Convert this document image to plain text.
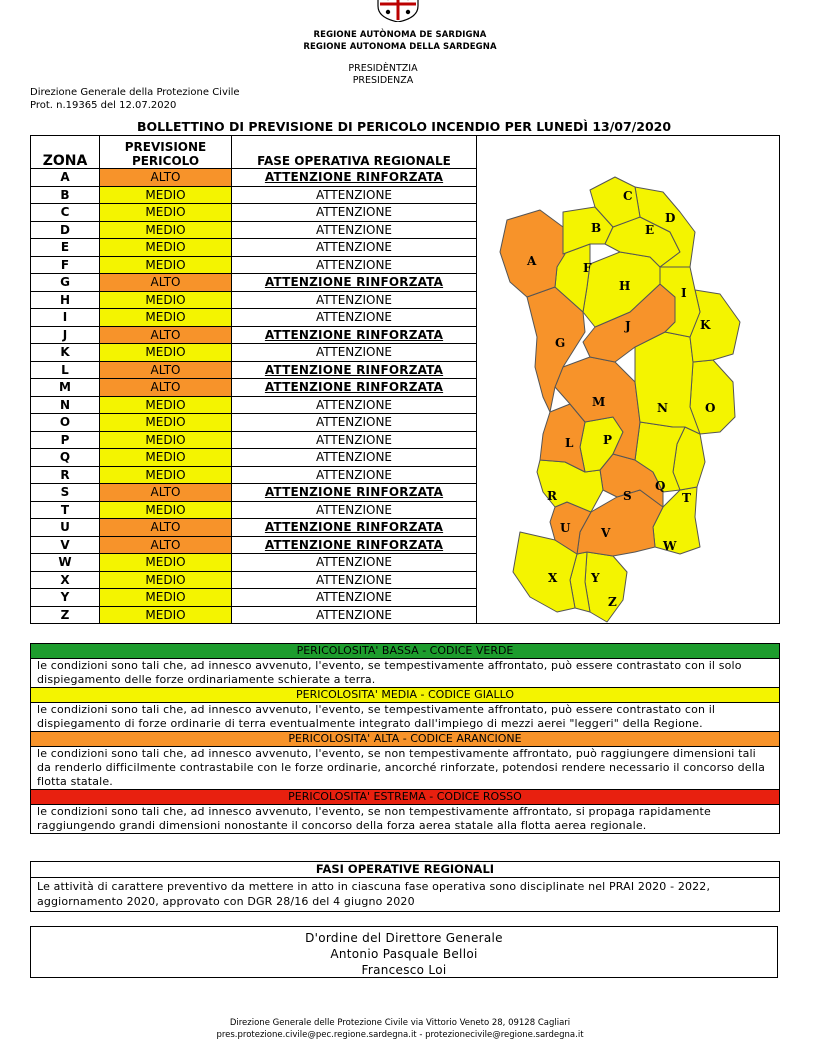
REGIONE AUTÒNOMA DE SARDIGNA
REGIONE AUTONOMA DELLA SARDEGNA
PRESIDÈNTZIA
PRESIDENZA
Direzione Generale della Protezione Civile
Prot. n.19365 del 12.07.2020
BOLLETTINO DI PREVISIONE DI PERICOLO INCENDIO PER LUNEDÌ 13/07/2020
ZONA	PREVISIONE PERICOLO	FASE OPERATIVA REGIONALE	
A	ALTO	ATTENZIONE RINFORZATA	
B	MEDIO	ATTENZIONE	
C	MEDIO	ATTENZIONE	
D	MEDIO	ATTENZIONE	
E	MEDIO	ATTENZIONE	
F	MEDIO	ATTENZIONE	
G	ALTO	ATTENZIONE RINFORZATA	
H	MEDIO	ATTENZIONE	
I	MEDIO	ATTENZIONE	
J	ALTO	ATTENZIONE RINFORZATA	
K	MEDIO	ATTENZIONE	
L	ALTO	ATTENZIONE RINFORZATA	
M	ALTO	ATTENZIONE RINFORZATA	
N	MEDIO	ATTENZIONE	
O	MEDIO	ATTENZIONE	
P	MEDIO	ATTENZIONE	
Q	MEDIO	ATTENZIONE	
R	MEDIO	ATTENZIONE	
S	ALTO	ATTENZIONE RINFORZATA	
T	MEDIO	ATTENZIONE	
U	ALTO	ATTENZIONE RINFORZATA	
V	ALTO	ATTENZIONE RINFORZATA	
W	MEDIO	ATTENZIONE	
X	MEDIO	ATTENZIONE	
Y	MEDIO	ATTENZIONE	
Z	MEDIO	ATTENZIONE	
C
D
B	E
A	F
H	I
J	K
G
N	O
M
L P
Q
S
R	T
U	V
W
X	Y
Z
PERICOLOSITA' BASSA - CODICE VERDE
le condizioni sono tali che, ad innesco avvenuto, l'evento, se tempestivamente affrontato, può essere contrastato con il solo dispiegamento delle forze ordinariamente schierate a terra.
PERICOLOSITA' MEDIA - CODICE GIALLO
le condizioni sono tali che, ad innesco avvenuto, l'evento, se tempestivamente affrontato, può essere contrastato con il dispiegamento di forze ordinarie di terra eventualmente integrato dall'impiego di mezzi aerei "leggeri" della Regione.
PERICOLOSITA' ALTA - CODICE ARANCIONE
le condizioni sono tali che, ad innesco avvenuto, l'evento, se non tempestivamente affrontato, può raggiungere dimensioni tali da renderlo difficilmente contrastabile con le forze ordinarie, ancorché rinforzate, potendosi rendere necessario il concorso della flotta statale.
PERICOLOSITA' ESTREMA - CODICE ROSSO
le condizioni sono tali che, ad innesco avvenuto, l'evento, se non tempestivamente affrontato, si propaga rapidamente raggiungendo grandi dimensioni nonostante il concorso della forza aerea statale alla flotta aerea regionale.
FASI OPERATIVE REGIONALI
Le attività di carattere preventivo da mettere in atto in ciascuna fase operativa sono disciplinate nel PRAI 2020 - 2022, aggiornamento 2020, approvato con DGR 28/16 del 4 giugno 2020
D'ordine del Direttore Generale
Antonio Pasquale Belloi
Francesco Loi
Direzione Generale delle Protezione Civile via Vittorio Veneto 28, 09128 Cagliari
pres.protezione.civile@pec.regione.sardegna.it - protezionecivile@regione.sardegna.it
